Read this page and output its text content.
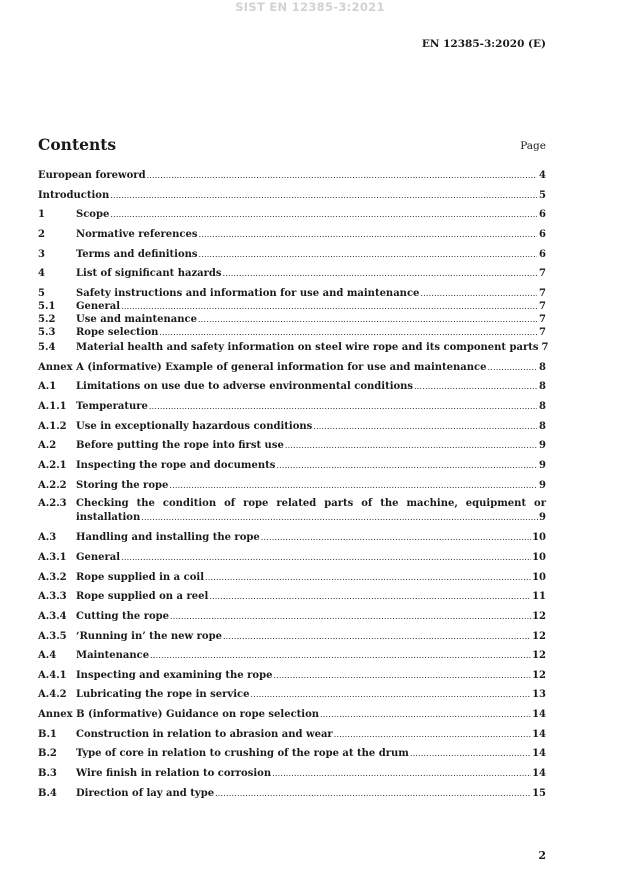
SIST EN 12385-3:2021
EN 12385-3:2020 (E)
Contents	Page
European foreword .....	4
Introduction .....	5
1	Scope .....	6
2	Normative references .....	6
3	Terms and definitions .....	6
4	List of significant hazards .....	7
5	Safety instructions and information for use and maintenance .....	7
5.1	General .....	7
5.2	Use and maintenance .....	7
5.3	Rope selection .....	7
5.4	Material health and safety information on steel wire rope and its component parts 7
Annex A (informative) Example of general information for use and maintenance .....	8
A.1	Limitations on use due to adverse environmental conditions .....	8
A.1.1 Temperature .....	8
A.1.2 Use in exceptionally hazardous conditions .....	8
A.2	Before putting the rope into first use .....	9
A.2.1 Inspecting the rope and documents .....	9
A.2.2 Storing the rope .....	9
A.2.3 Checking the condition of rope related parts of the machine, equipment or
installation .....	9
A.3	Handling and installing the rope .....	10
A.3.1 General .....	10
A.3.2 Rope supplied in a coil .....	10
A.3.3 Rope supplied on a reel .....	11
A.3.4 Cutting the rope .....	12
A.3.5 ‘Running in’ the new rope .....	12
A.4	Maintenance .....	12
A.4.1 Inspecting and examining the rope .....	12
A.4.2 Lubricating the rope in service .....	13
Annex B (informative) Guidance on rope selection .....	14
B.1	Construction in relation to abrasion and wear .....	14
B.2	Type of core in relation to crushing of the rope at the drum .....	14
B.3	Wire finish in relation to corrosion .....	14
B.4	Direction of lay and type .....	15
2
